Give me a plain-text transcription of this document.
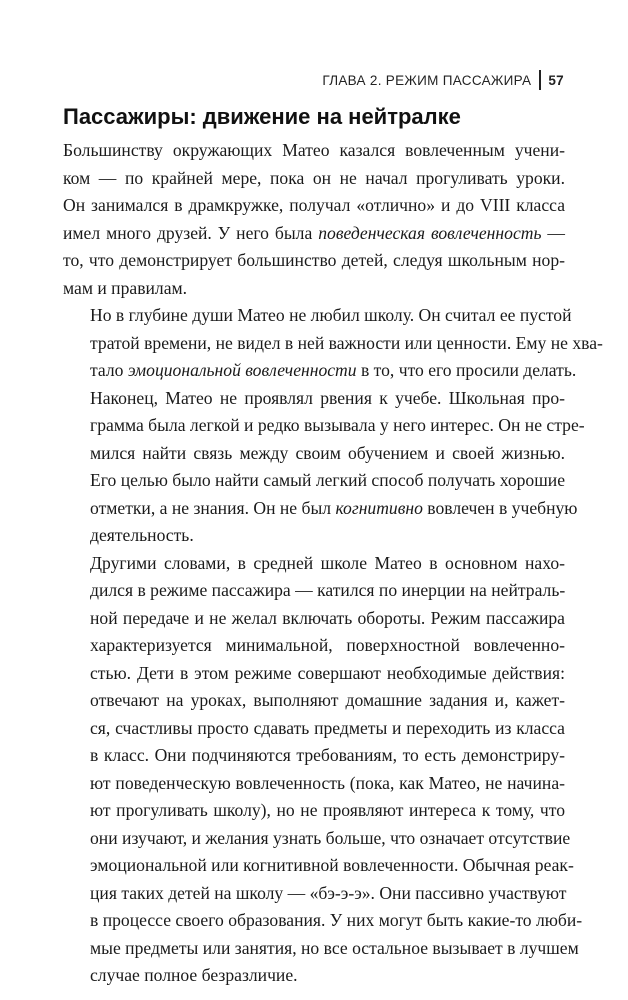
ГЛАВА 2. РЕЖИМ ПАССАЖИРА 57
Пассажиры: движение на нейтралке
Большинству окружающих Матео казался вовлеченным учени-
ком — по крайней мере, пока он не начал прогуливать уроки.
Он занимался в драмкружке, получал «отлично» и до VIII класса
имел много друзей. У него была поведенческая вовлеченность —
то, что демонстрирует большинство детей, следуя школьным нор-
мам и правилам.
Но в глубине души Матео не любил школу. Он считал ее пустой
тратой времени, не видел в ней важности или ценности. Ему не хва-
тало эмоциональной вовлеченности в то, что его просили делать.
Наконец, Матео не проявлял рвения к учебе. Школьная про-
грамма была легкой и редко вызывала у него интерес. Он не стре-
мился найти связь между своим обучением и своей жизнью.
Его целью было найти самый легкий способ получать хорошие
отметки, а не знания. Он не был когнитивно вовлечен в учебную
деятельность.
Другими словами, в средней школе Матео в основном нахо-
дился в режиме пассажира — катился по инерции на нейтраль-
ной передаче и не желал включать обороты. Режим пассажира
характеризуется минимальной, поверхностной вовлеченно-
стью. Дети в этом режиме совершают необходимые действия:
отвечают на уроках, выполняют домашние задания и, кажет-
ся, счастливы просто сдавать предметы и переходить из класса
в класс. Они подчиняются требованиям, то есть демонстриру-
ют поведенческую вовлеченность (пока, как Матео, не начина-
ют прогуливать школу), но не проявляют интереса к тому, что
они изучают, и желания узнать больше, что означает отсутствие
эмоциональной или когнитивной вовлеченности. Обычная реак-
ция таких детей на школу — «бэ-э-э». Они пассивно участвуют
в процессе своего образования. У них могут быть какие-то люби-
мые предметы или занятия, но все остальное вызывает в лучшем
случае полное безразличие.
